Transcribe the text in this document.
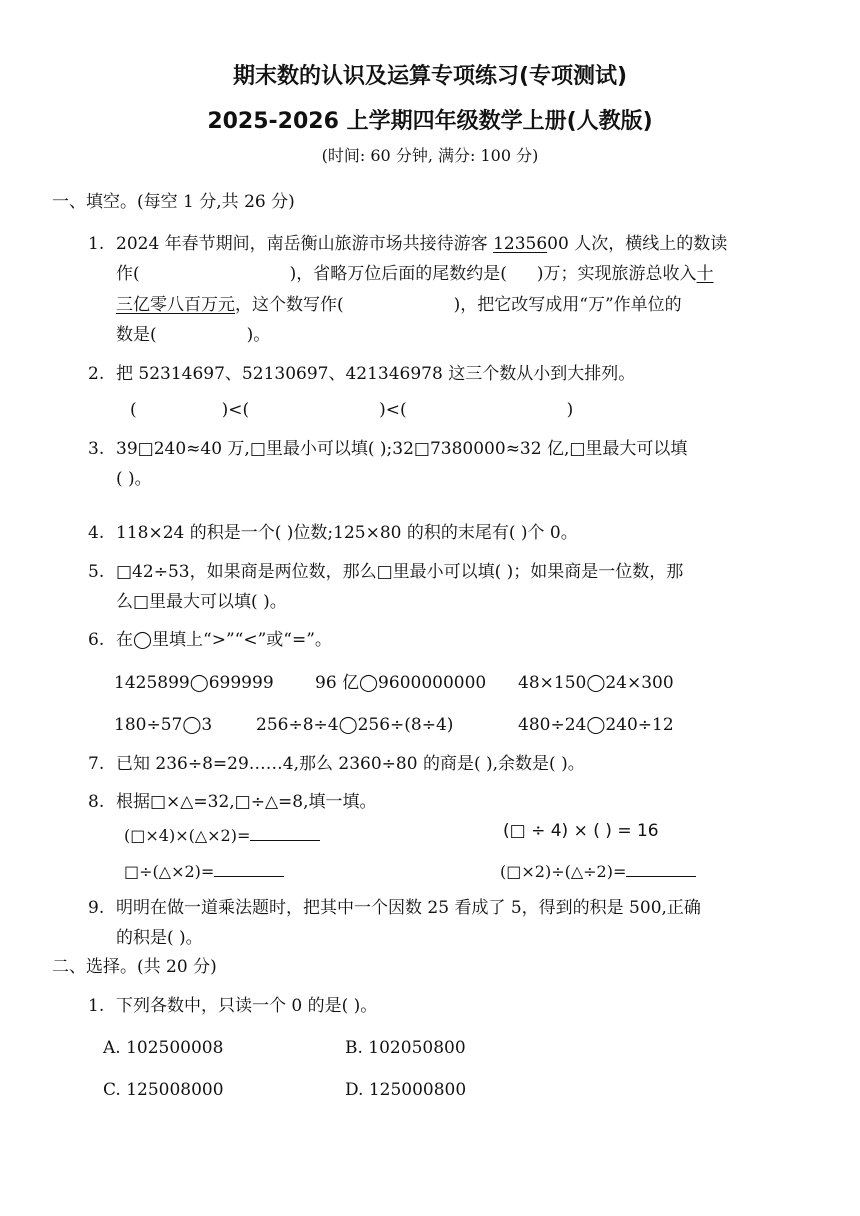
期末数的认识及运算专项练习(专项测试)
2025-2026 上学期四年级数学上册(人教版)
(时间: 60 分钟, 满分: 100 分)
一、填空。(每空 1 分,共 26 分)
1. 2024 年春节期间，南岳衡山旅游市场共接待游客 1235600 人次，横线上的数读
作(	)，省略万位后面的尾数约是( )万；实现旅游总收入十
三亿零八百万元，这个数写作(	)，把它改写成用“万”作单位的
数是(	)。
2. 把 52314697、52130697、421346978 这三个数从小到大排列。
(	)<(	)<(	)
3. 39□240≈40 万,□里最小可以填( );32□7380000≈32 亿,□里最大可以填
( )。
4. 118×24 的积是一个( )位数;125×80 的积的末尾有( )个 0。
5. □42÷53，如果商是两位数，那么□里最小可以填( )；如果商是一位数，那
么□里最大可以填( )。
6. 在◯里填上“>”“<”或“=”。
1425899◯699999 96 亿◯9600000000 48×150◯24×300
180÷57◯3	256÷8÷4◯256÷(8÷4)	480÷24◯240÷12
7. 已知 236÷8=29……4,那么 2360÷80 的商是( ),余数是( )。
8. 根据□×△=32,□÷△=8,填一填。
(□×4)×(△×2)=	(□ ÷ 4) × ( ) = 16
□÷(△×2)=	(□×2)÷(△÷2)=
9. 明明在做一道乘法题时，把其中一个因数 25 看成了 5，得到的积是 500,正确
的积是( )。
二、选择。(共 20 分)
1. 下列各数中，只读一个 0 的是( )。
A. 102500008	B. 102050800
C. 125008000	D. 125000800
